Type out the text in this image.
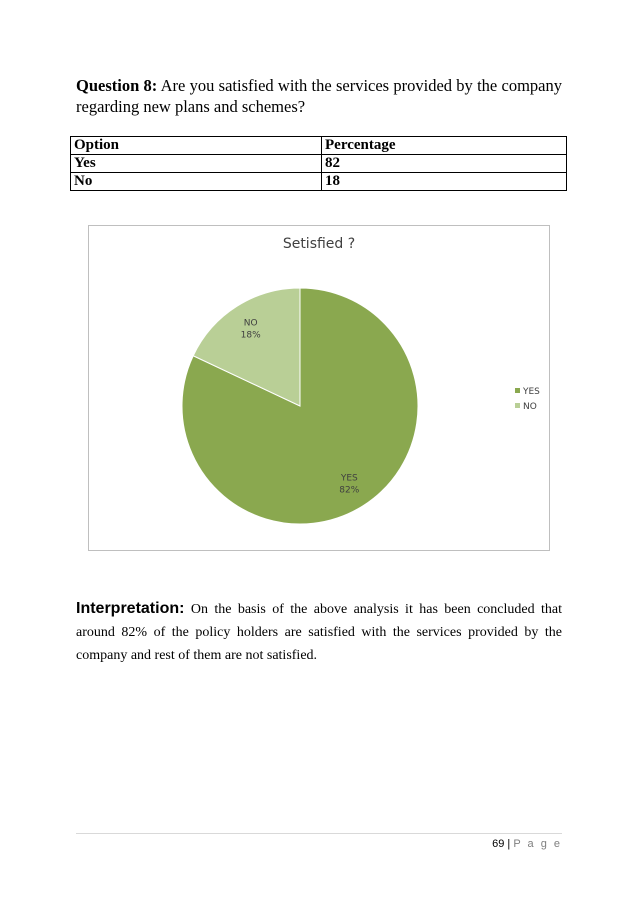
Question 8: Are you satisfied with the services provided by the company regarding new plans and schemes?
Option	Percentage
Yes	82
No	18
Setisfied ?
YES
82%
NO
18%
YES
NO
Interpretation: On the basis of the above analysis it has been concluded that around 82% of the policy holders are satisfied with the services provided by the company and rest of them are not satisfied.
69 | P a g e
